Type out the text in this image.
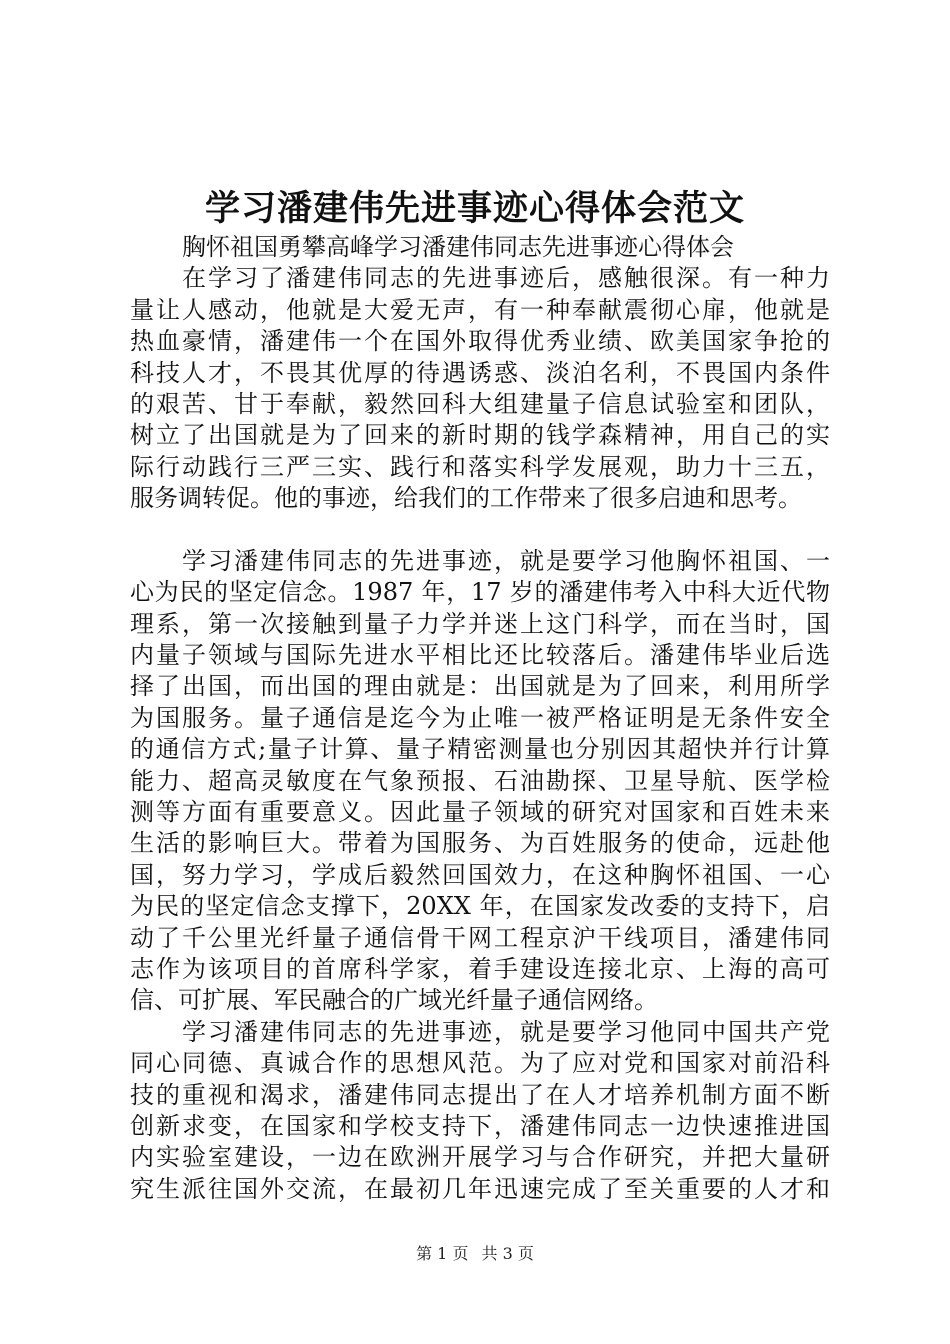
学习潘建伟先进事迹心得体会范文
胸怀祖国勇攀高峰学习潘建伟同志先进事迹心得体会
在学习了潘建伟同志的先进事迹后，感触很深。有一种力
量让人感动，他就是大爱无声，有一种奉献震彻心扉，他就是
热血豪情，潘建伟一个在国外取得优秀业绩、欧美国家争抢的
科技人才，不畏其优厚的待遇诱惑、淡泊名利，不畏国内条件
的艰苦、甘于奉献，毅然回科大组建量子信息试验室和团队，
树立了出国就是为了回来的新时期的钱学森精神，用自己的实
际行动践行三严三实、践行和落实科学发展观，助力十三五，
服务调转促。他的事迹，给我们的工作带来了很多启迪和思考。
学习潘建伟同志的先进事迹，就是要学习他胸怀祖国、一
心为民的坚定信念。1987 年，17 岁的潘建伟考入中科大近代物
理系，第一次接触到量子力学并迷上这门科学，而在当时，国
内量子领域与国际先进水平相比还比较落后。潘建伟毕业后选
择了出国，而出国的理由就是：出国就是为了回来，利用所学
为国服务。量子通信是迄今为止唯一被严格证明是无条件安全
的通信方式;量子计算、量子精密测量也分别因其超快并行计算
能力、超高灵敏度在气象预报、石油勘探、卫星导航、医学检
测等方面有重要意义。因此量子领域的研究对国家和百姓未来
生活的影响巨大。带着为国服务、为百姓服务的使命，远赴他
国，努力学习，学成后毅然回国效力，在这种胸怀祖国、一心
为民的坚定信念支撑下，20XX 年，在国家发改委的支持下，启
动了千公里光纤量子通信骨干网工程京沪干线项目，潘建伟同
志作为该项目的首席科学家，着手建设连接北京、上海的高可
信、可扩展、军民融合的广域光纤量子通信网络。
学习潘建伟同志的先进事迹，就是要学习他同中国共产党
同心同德、真诚合作的思想风范。为了应对党和国家对前沿科
技的重视和渴求，潘建伟同志提出了在人才培养机制方面不断
创新求变，在国家和学校支持下，潘建伟同志一边快速推进国
内实验室建设，一边在欧洲开展学习与合作研究，并把大量研
究生派往国外交流，在最初几年迅速完成了至关重要的人才和
第 1 页 共 3 页
